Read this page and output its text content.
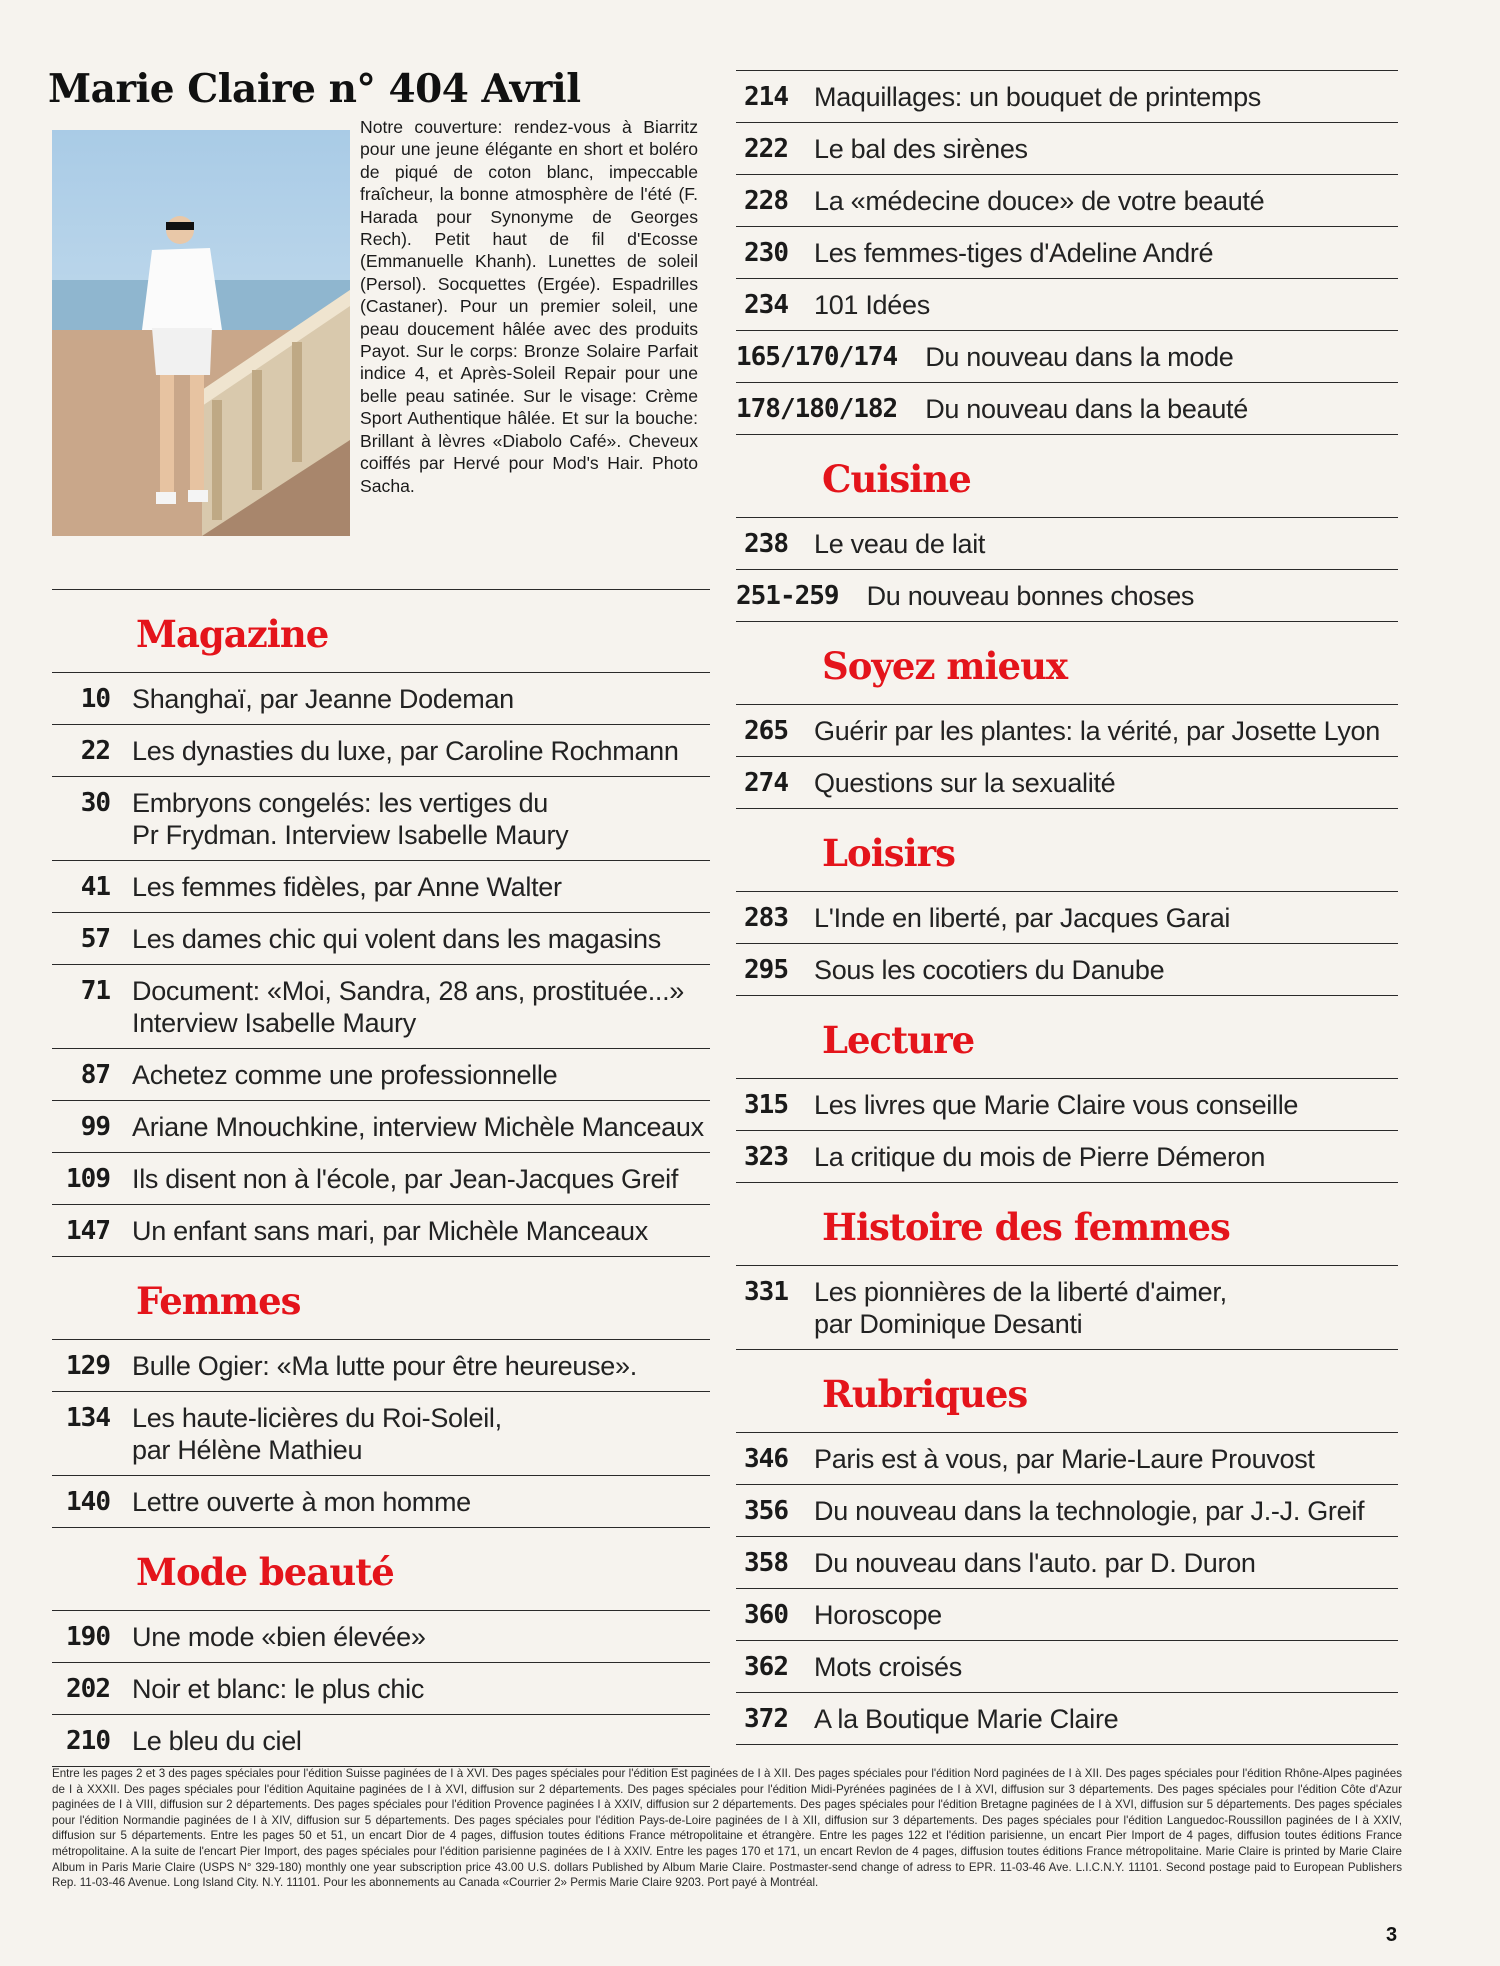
Marie Claire n° 404 Avril
Notre couverture: rendez-vous à Biarritz pour une jeune élégante en short et boléro de piqué de coton blanc, impeccable fraîcheur, la bonne atmosphère de l'été (F. Harada pour Synonyme de Georges Rech). Petit haut de fil d'Ecosse (Emmanuelle Khanh). Lunettes de soleil (Persol). Socquettes (Ergée). Espadrilles (Castaner). Pour un premier soleil, une peau doucement hâlée avec des produits Payot. Sur le corps: Bronze Solaire Parfait indice 4, et Après-Soleil Repair pour une belle peau satinée. Sur le visage: Crème Sport Authentique hâlée. Et sur la bouche: Brillant à lèvres «Diabolo Café». Cheveux coiffés par Hervé pour Mod's Hair. Photo Sacha.
Magazine
10 Shanghaï, par Jeanne Dodeman
22 Les dynasties du luxe, par Caroline Rochmann
30 Embryons congelés: les vertiges du
Pr Frydman. Interview Isabelle Maury
41 Les femmes fidèles, par Anne Walter
57 Les dames chic qui volent dans les magasins
71 Document: «Moi, Sandra, 28 ans, prostituée...»
Interview Isabelle Maury
87 Achetez comme une professionnelle
99 Ariane Mnouchkine, interview Michèle Manceaux
109 Ils disent non à l'école, par Jean-Jacques Greif
147 Un enfant sans mari, par Michèle Manceaux
Femmes
129 Bulle Ogier: «Ma lutte pour être heureuse».
134 Les haute-licières du Roi-Soleil,
par Hélène Mathieu
140 Lettre ouverte à mon homme
Mode beauté
190 Une mode «bien élevée»
202 Noir et blanc: le plus chic
210 Le bleu du ciel
214 Maquillages: un bouquet de printemps
222 Le bal des sirènes
228 La «médecine douce» de votre beauté
230 Les femmes-tiges d'Adeline André
234 101 Idées
165/170/174	Du nouveau dans la mode
178/180/182	Du nouveau dans la beauté
Cuisine
238 Le veau de lait
251-259	Du nouveau bonnes choses
Soyez mieux
265 Guérir par les plantes: la vérité, par Josette Lyon
274 Questions sur la sexualité
Loisirs
283 L'Inde en liberté, par Jacques Garai
295 Sous les cocotiers du Danube
Lecture
315 Les livres que Marie Claire vous conseille
323 La critique du mois de Pierre Démeron
Histoire des femmes
331 Les pionnières de la liberté d'aimer,
par Dominique Desanti
Rubriques
346 Paris est à vous, par Marie-Laure Prouvost
356 Du nouveau dans la technologie, par J.-J. Greif
358 Du nouveau dans l'auto. par D. Duron
360 Horoscope
362 Mots croisés
372 A la Boutique Marie Claire
Entre les pages 2 et 3 des pages spéciales pour l'édition Suisse paginées de I à XVI. Des pages spéciales pour l'édition Est paginées de I à XII. Des pages spéciales pour l'édition Nord paginées de I à XII. Des pages spéciales pour l'édition Rhône-Alpes paginées de I à XXXII. Des pages spéciales pour l'édition Aquitaine paginées de I à XVI, diffusion sur 2 départements. Des pages spéciales pour l'édition Midi-Pyrénées paginées de I à XVI, diffusion sur 3 départements. Des pages spéciales pour l'édition Côte d'Azur paginées de I à VIII, diffusion sur 2 départements. Des pages spéciales pour l'édition Provence paginées I à XXIV, diffusion sur 2 départements. Des pages spéciales pour l'édition Bretagne paginées de I à XVI, diffusion sur 5 départements. Des pages spéciales pour l'édition Normandie paginées de I à XIV, diffusion sur 5 départements. Des pages spéciales pour l'édition Pays-de-Loire paginées de I à XII, diffusion sur 3 départements. Des pages spéciales pour l'édition Languedoc-Roussillon paginées de I à XXIV, diffusion sur 5 départements. Entre les pages 50 et 51, un encart Dior de 4 pages, diffusion toutes éditions France métropolitaine et étrangère. Entre les pages 122 et l'édition parisienne, un encart Pier Import de 4 pages, diffusion toutes éditions France métropolitaine. A la suite de l'encart Pier Import, des pages spéciales pour l'édition parisienne paginées de I à XXIV. Entre les pages 170 et 171, un encart Revlon de 4 pages, diffusion toutes éditions France métropolitaine. Marie Claire is printed by Marie Claire Album in Paris Marie Claire (USPS N° 329-180) monthly one year subscription price 43.00 U.S. dollars Published by Album Marie Claire. Postmaster-send change of adress to EPR. 11-03-46 Ave. L.I.C.N.Y. 11101. Second postage paid to European Publishers Rep. 11-03-46 Avenue. Long Island City. N.Y. 11101. Pour les abonnements au Canada «Courrier 2» Permis Marie Claire 9203. Port payé à Montréal.
3
